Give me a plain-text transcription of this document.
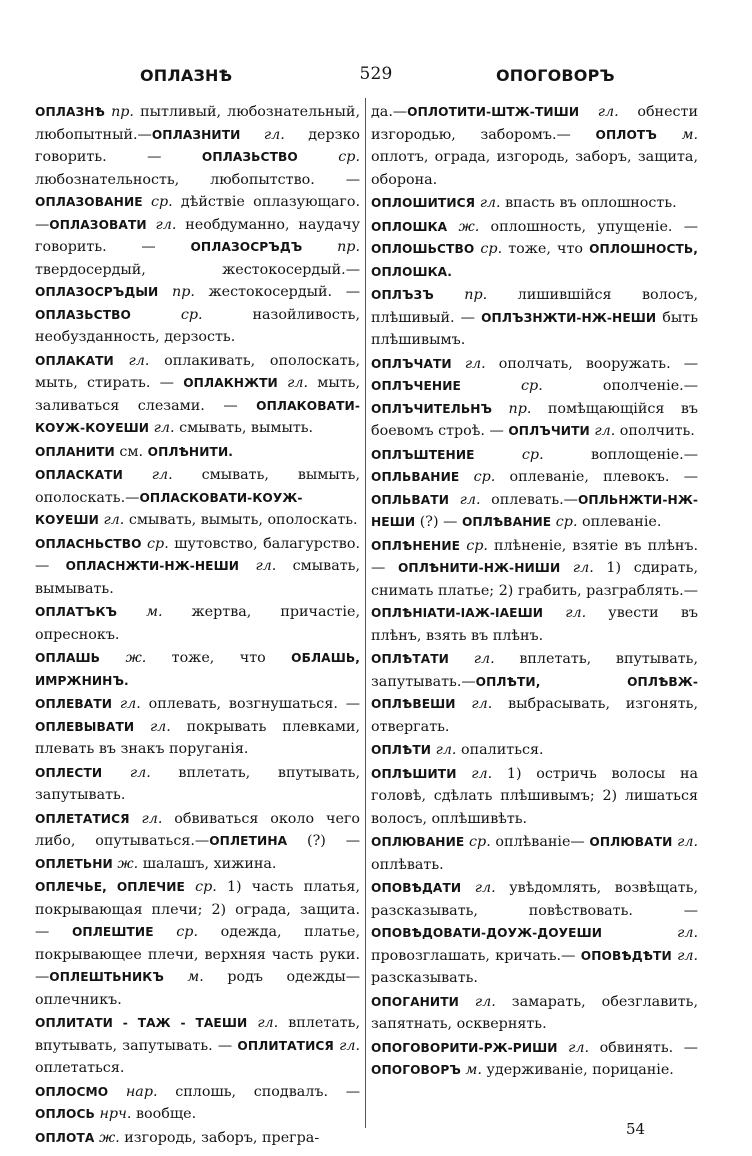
ОПЛАЗНѢ	529	ОПОГОВОРЪ
ОПЛАЗНѢ пр. пытливый, любознательный, любопытный.—ОПЛАЗНИТИ гл. дерзко говорить. — ОПЛАЗЬСТВО	ср. любознательность, любопытство. — ОПЛАЗОВАНИЕ ср. дѣйствіе оплазующаго.—ОПЛАЗОВАТИ гл. необдуманно, наудачу говорить. — ОПЛАЗОСРЪДЪ пр. твердосердый, жестокосердый.—ОПЛАЗОСРЪДЫИ пр. жестокосердый. — ОПЛАЗЬСТВО	ср. назойливость, необузданность, дерзость.
ОПЛАКАТИ гл. оплакивать, ополоскать, мыть, стирать. — ОПЛАКНЖТИ гл. мыть, заливаться слезами. — ОПЛАКОВАТИ-КОУЖ-КОУЕШИ гл. смывать, вымыть.
ОПЛАНИТИ см. ОПЛѢНИТИ.
ОПЛАСКАТИ гл. смывать, вымыть, ополоскать.—ОПЛАСКОВАТИ-КОУЖ-КОУЕШИ гл. смывать, вымыть, ополоскать.
ОПЛАСНЬСТВО ср. шутовство, балагурство. — ОПЛАСНЖТИ-НЖ-НЕШИ гл. смывать, вымывать.
ОПЛАТЪКЪ м. жертва, причастіе, опреснокъ.
ОПЛАШЬ ж. тоже, что ОБЛАШЬ, ИМРЖНИНЪ.
ОПЛЕВАТИ гл. оплевать, возгнушаться. —ОПЛЕВЫВАТИ гл. покрывать плевками, плевать въ знакъ поруганія.
ОПЛЕСТИ гл. вплетать, впутывать, запутывать.
ОПЛЕТАТИСЯ гл. обвиваться около чего либо, опутываться.—ОПЛЕТИНА (?) —ОПЛЕТЬНИ ж. шалашъ, хижина.
ОПЛЕЧЬЕ, ОПЛЕЧИЕ ср. 1) часть платья, покрывающая плечи; 2) ограда, защита. — ОПЛЕШТИЕ ср. одежда, платье, покрывающее плечи, верхняя часть руки.—ОПЛЕШТЬНИКЪ м. родъ одежды—оплечникъ.
ОПЛИТАТИ - ТАЖ - ТАЕШИ гл. вплетать, впутывать, запутывать. — ОПЛИТАТИСЯ гл. оплетаться.
ОПЛОСМО нар. сплошь, сподвалъ. — ОПЛОСЬ нрч. вообще.
ОПЛОТА ж. изгородь, заборъ, прегра-
да.—ОПЛОТИТИ-ШТЖ-ТИШИ гл. обнести изгородью, заборомъ.— ОПЛОТЪ м. оплотъ, ограда, изгородь, заборъ, защита, оборона.
ОПЛОШИТИСЯ гл. впасть въ оплошность.
ОПЛОШКА ж. оплошность, упущеніе. — ОПЛОШЬСТВО ср. тоже, что ОПЛОШНОСТЬ, ОПЛОШКА.
ОПЛЪЗЪ пр. лишившійся волосъ, плѣшивый. — ОПЛЪЗНЖТИ-НЖ-НЕШИ быть плѣшивымъ.
ОПЛЪЧАТИ гл. ополчать, вооружать. —ОПЛЪЧЕНИЕ	ср. ополченіе.—ОПЛЪЧИТЕЛЬНЪ пр. помѣщающійся въ боевомъ строѣ. — ОПЛЪЧИТИ гл. ополчить.
ОПЛЪШТЕНИЕ	ср. воплощеніе.—ОПЛЬВАНИЕ ср. оплеваніе, плевокъ. — ОПЛЬВАТИ гл. оплевать.—ОПЛЬНЖТИ-НЖ-НЕШИ (?) — ОПЛѢВАНИЕ ср. оплеваніе.
ОПЛѢНЕНИЕ ср. плѣненіе, взятіе въ плѣнъ. — ОПЛѢНИТИ-НЖ-НИШИ гл. 1) сдирать, снимать платье; 2) грабить, разграблять.—ОПЛѢНІАТИ-ІАЖ-ІАЕШИ гл. увести въ плѣнъ, взять въ плѣнъ.
ОПЛѢТАТИ гл. вплетать, впутывать, запутывать.—ОПЛѢТИ, ОПЛѢВЖ-ОПЛѢВЕШИ гл. выбрасывать, изгонять, отвергать.
ОПЛѢТИ гл. опалиться.
ОПЛѢШИТИ гл. 1) остричь волосы на головѣ, сдѣлать плѣшивымъ; 2) лишаться волосъ, оплѣшивѣть.
ОПЛЮВАНИЕ ср. оплѣваніе— ОПЛЮВАТИ гл. оплѣвать.
ОПОВѢДАТИ гл. увѣдомлять, возвѣщать, разсказывать, повѣствовать. — ОПОВѢДОВАТИ-ДОУЖ-ДОУЕШИ	гл. провозглашать, кричать.— ОПОВѢДѢТИ гл. разсказывать.
ОПОГАНИТИ гл. замарать, обезглавить, запятнать, осквернять.
ОПОГОВОРИТИ-РЖ-РИШИ гл. обвинять. — ОПОГОВОРЪ м. удерживаніе, порицаніе.
54
